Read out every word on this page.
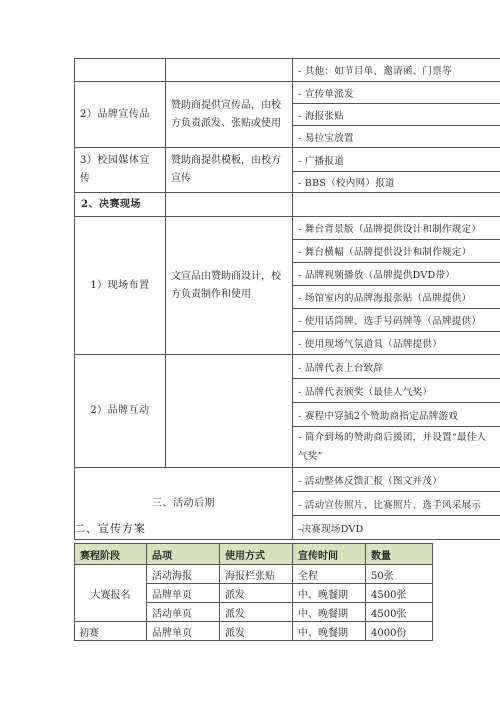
		- 其他：如节目单、邀请函、门票等
2）品牌宣传品	赞助商提供宣传品，由校方负责派发、张贴或使用	- 宣传单派发
		- 海报张贴
		- 易拉宝放置
3）校园媒体宣传	赞助商提供模板，由校方宣传	- 广播报道
		- BBS（校内网）报道
2、决赛现场		
1）现场布置	文宣品由赞助商设计，校方负责制作和使用	- 舞台背景版（品牌提供设计和制作规定）
		- 舞台横幅（品牌提供设计和制作规定）
		- 品牌视频播放（品牌提供DVD带）
		- 场馆室内的品牌海报张贴（品牌提供）
		- 使用话筒牌、选手号码牌等（品牌提供）
		- 使用现场气氛道具（品牌提供）
2）品牌互动		- 品牌代表上台致辞
		- 品牌代表颁奖（最佳人气奖）
		- 赛程中穿插2个赞助商指定品牌游戏
		- 简介到场的赞助商后援团，并设置“最佳人气奖”
三、活动后期		- 活动整体反馈汇报（图文并茂）
		- 活动宣传照片、比赛照片、选手风采展示
		-决赛现场DVD
二、宣传方案
赛程阶段	品项	使用方式	宣传时间	数量
大赛报名	活动海报	海报栏张贴	全程	50张
	品牌单页	派发	中、晚餐期	4500张
	活动单页	派发	中、晚餐期	4500张
初赛	品牌单页	派发	中、晚餐期	4000份
